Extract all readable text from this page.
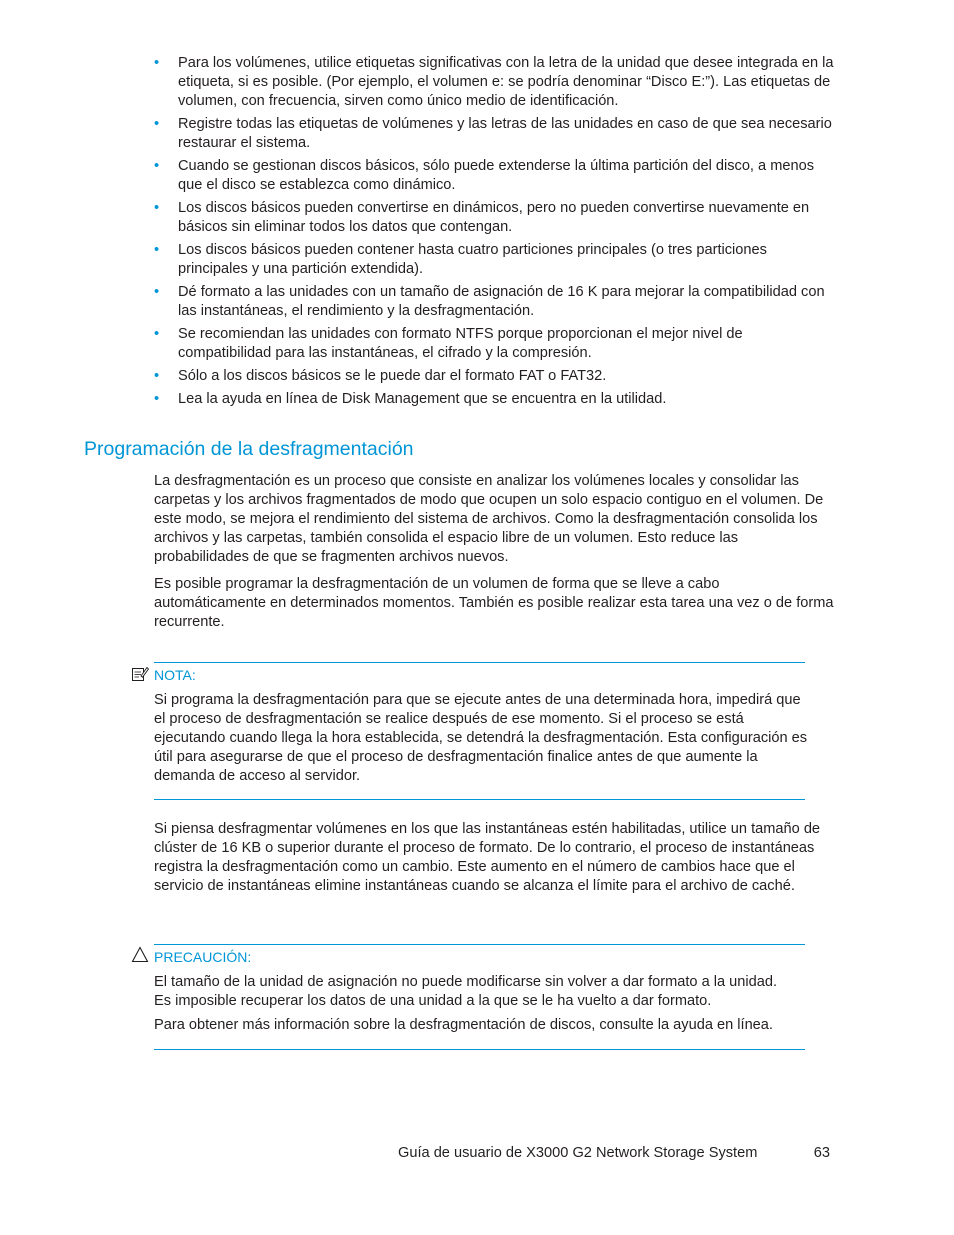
• Para los volúmenes, utilice etiquetas significativas con la letra de la unidad que desee integrada en la etiqueta, si es posible. (Por ejemplo, el volumen e: se podría denominar “Disco E:”). Las etiquetas de volumen, con frecuencia, sirven como único medio de identificación.
• Registre todas las etiquetas de volúmenes y las letras de las unidades en caso de que sea necesario restaurar el sistema.
• Cuando se gestionan discos básicos, sólo puede extenderse la última partición del disco, a menos que el disco se establezca como dinámico.
• Los discos básicos pueden convertirse en dinámicos, pero no pueden convertirse nuevamente en básicos sin eliminar todos los datos que contengan.
• Los discos básicos pueden contener hasta cuatro particiones principales (o tres particiones principales y una partición extendida).
• Dé formato a las unidades con un tamaño de asignación de 16 K para mejorar la compatibilidad con las instantáneas, el rendimiento y la desfragmentación.
• Se recomiendan las unidades con formato NTFS porque proporcionan el mejor nivel de compatibilidad para las instantáneas, el cifrado y la compresión.
• Sólo a los discos básicos se le puede dar el formato FAT o FAT32.
• Lea la ayuda en línea de Disk Management que se encuentra en la utilidad.
Programación de la desfragmentación

La desfragmentación es un proceso que consiste en analizar los volúmenes locales y consolidar las carpetas y los archivos fragmentados de modo que ocupen un solo espacio contiguo en el volumen. De este modo, se mejora el rendimiento del sistema de archivos. Como la desfragmentación consolida los archivos y las carpetas, también consolida el espacio libre de un volumen. Esto reduce las probabilidades de que se fragmenten archivos nuevos.

Es posible programar la desfragmentación de un volumen de forma que se lleve a cabo automáticamente en determinados momentos. También es posible realizar esta tarea una vez o de forma recurrente.

NOTA:

Si programa la desfragmentación para que se ejecute antes de una determinada hora, impedirá que el proceso de desfragmentación se realice después de ese momento. Si el proceso se está ejecutando cuando llega la hora establecida, se detendrá la desfragmentación. Esta configuración es útil para asegurarse de que el proceso de desfragmentación finalice antes de que aumente la demanda de acceso al servidor.

Si piensa desfragmentar volúmenes en los que las instantáneas estén habilitadas, utilice un tamaño de clúster de 16 KB o superior durante el proceso de formato. De lo contrario, el proceso de instantáneas registra la desfragmentación como un cambio. Este aumento en el número de cambios hace que el servicio de instantáneas elimine instantáneas cuando se alcanza el límite para el archivo de caché.

PRECAUCIÓN:
El tamaño de la unidad de asignación no puede modificarse sin volver a dar formato a la unidad.
Es imposible recuperar los datos de una unidad a la que se le ha vuelto a dar formato.
Para obtener más información sobre la desfragmentación de discos, consulte la ayuda en línea.
Guía de usuario de X3000 G2 Network Storage System	63
